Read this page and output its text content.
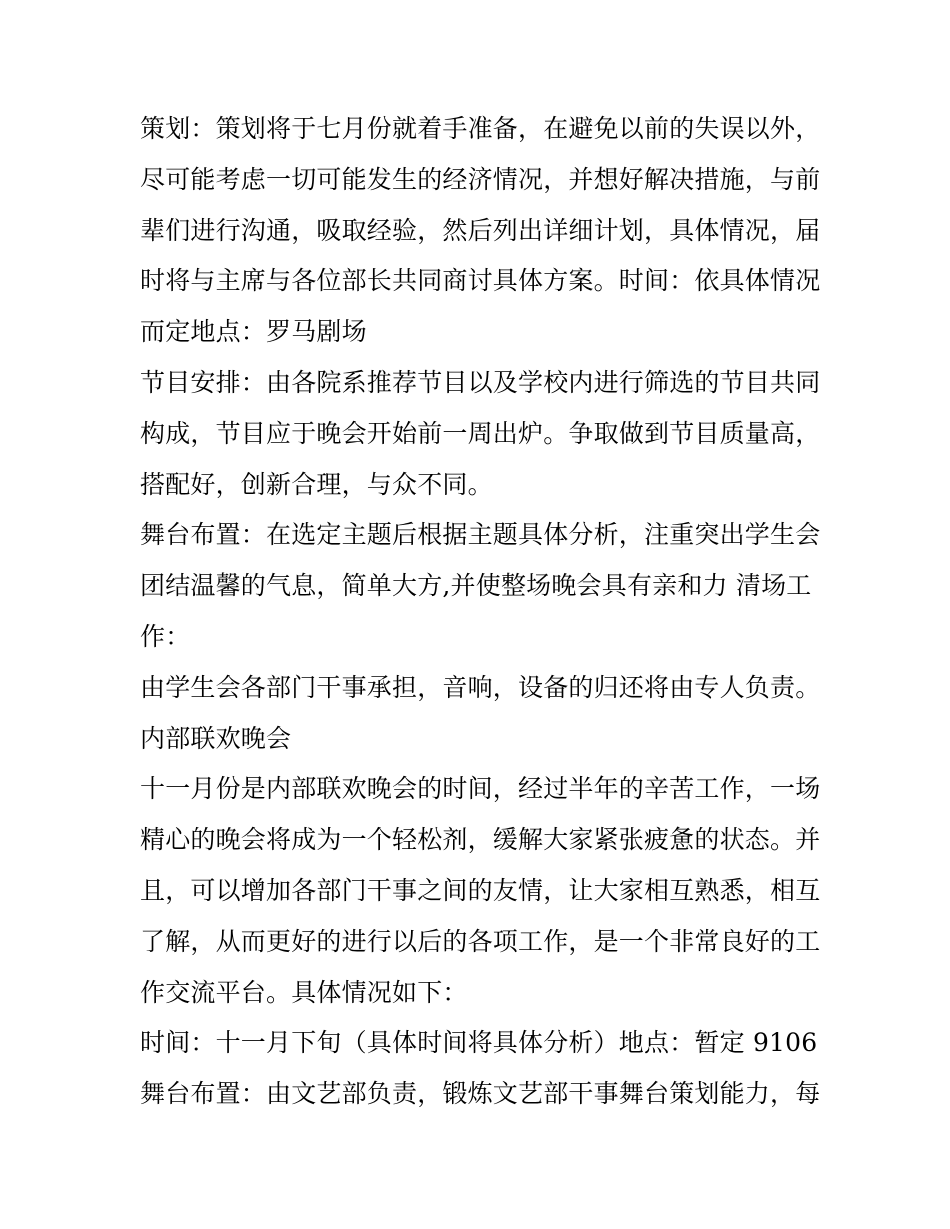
策划：策划将于七月份就着手准备，在避免以前的失误以外，
尽可能考虑一切可能发生的经济情况，并想好解决措施，与前
辈们进行沟通，吸取经验，然后列出详细计划，具体情况，届
时将与主席与各位部长共同商讨具体方案。时间：依具体情况
而定地点：罗马剧场
节目安排：由各院系推荐节目以及学校内进行筛选的节目共同
构成，节目应于晚会开始前一周出炉。争取做到节目质量高，
搭配好，创新合理，与众不同。
舞台布置：在选定主题后根据主题具体分析，注重突出学生会
团结温馨的气息，简单大方,并使整场晚会具有亲和力 清场工
作：
由学生会各部门干事承担，音响，设备的归还将由专人负责。
内部联欢晚会
十一月份是内部联欢晚会的时间，经过半年的辛苦工作，一场
精心的晚会将成为一个轻松剂，缓解大家紧张疲惫的状态。并
且，可以增加各部门干事之间的友情，让大家相互熟悉，相互
了解，从而更好的进行以后的各项工作，是一个非常良好的工
作交流平台。具体情况如下：
时间：十一月下旬（具体时间将具体分析）地点：暂定 9106
舞台布置：由文艺部负责，锻炼文艺部干事舞台策划能力，每
